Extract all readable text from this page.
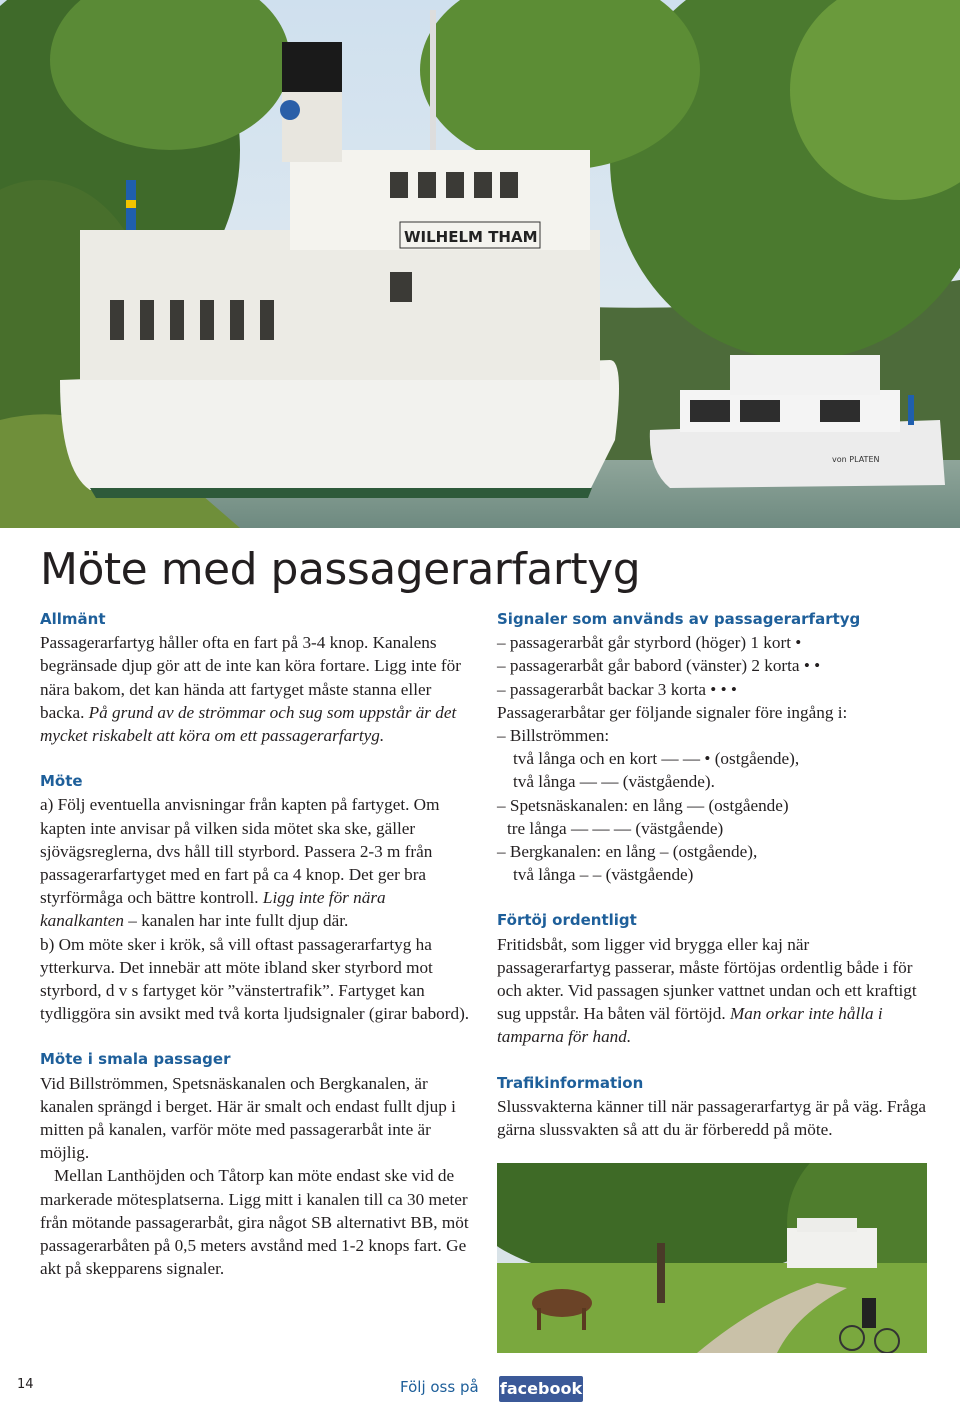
WILHELM THAM
von PLATEN
Möte med passagerarfartyg
Allmänt

Passagerarfartyg håller ofta en fart på 3-4 knop. Kanalens begränsade djup gör att de inte kan köra fortare. Ligg inte för nära bakom, det kan hända att fartyget måste stanna eller backa. På grund av de strömmar och sug som uppstår är det mycket riskabelt att köra om ett passagerarfartyg.

Möte

a) Följ eventuella anvisningar från kapten på fartyget. Om kapten inte anvisar på vilken sida mötet ska ske, gäller sjövägsreglerna, dvs håll till styrbord. Passera 2-3 m från passagerarfartyget med en fart på ca 4 knop. Det ger bra styrförmåga och bättre kontroll. Ligg inte för nära kanalkanten – kanalen har inte fullt djup där.

b) Om möte sker i krök, så vill oftast passagerarfartyg ha ytterkurva. Det innebär att möte ibland sker styrbord mot styrbord, d v s fartyget kör ”vänstertrafik”. Fartyget kan tydliggöra sin avsikt med två korta ljudsignaler (girar babord).

Möte i smala passager

Vid Billströmmen, Spetsnäskanalen och Bergkanalen, är kanalen sprängd i berget. Här är smalt och endast fullt djup i mitten på kanalen, varför möte med passagerarbåt inte är möjlig.

Mellan Lanthöjden och Tåtorp kan möte endast ske vid de markerade mötesplatserna. Ligg mitt i kanalen till ca 30 meter från mötande passagerarbåt, gira något SB alternativt BB, möt passagerarbåten på 0,5 meters avstånd med 1-2 knops fart. Ge akt på skepparens signaler.

Signaler som används av passagerarfartyg

– passagerarbåt går styrbord (höger) 1 kort •

– passagerarbåt går babord (vänster) 2 korta • •

– passagerarbåt backar 3 korta • • •

Passagerarbåtar ger följande signaler före ingång i:

– Billströmmen:

två långa och en kort — — • (ostgående),

två långa — — (västgående).

– Spetsnäskanalen: en lång — (ostgående)

tre långa — — — (västgående)

– Bergkanalen: en lång – (ostgående),

två långa – – (västgående)

Förtöj ordentligt

Fritidsbåt, som ligger vid brygga eller kaj när passagerarfartyg passerar, måste förtöjas ordentlig både i för och akter. Vid passagen sjunker vattnet undan och ett kraftigt sug uppstår. Ha båten väl förtöjd. Man orkar inte hålla i tamparna för hand.

Trafikinformation

Slussvakterna känner till när passagerarfartyg är på väg. Fråga gärna slussvakten så att du är förberedd på möte.

14	Följ oss på facebook
